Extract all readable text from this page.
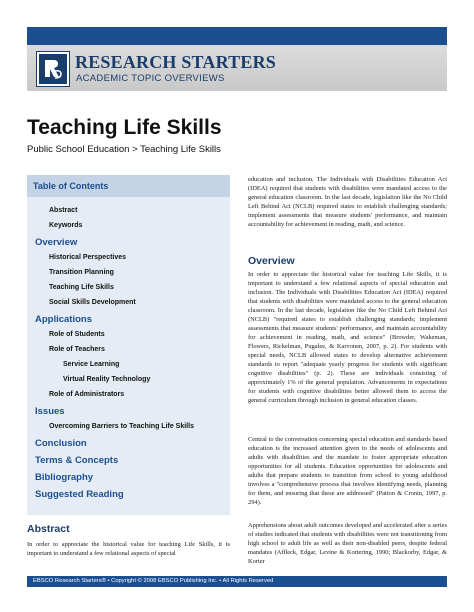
RESEARCH STARTERS
ACADEMIC TOPIC OVERVIEWS
Teaching Life Skills
Public School Education > Teaching Life Skills
Table of Contents
Abstract
Keywords
Overview
Historical Perspectives
Transition Planning
Teaching Life Skills
Social Skills Development
Applications
Role of Students
Role of Teachers
Service Learning
Virtual Reality Technology
Role of Administrators
Issues
Overcoming Barriers to Teaching Life Skills
Conclusion
Terms & Concepts
Bibliography
Suggested Reading
Abstract

In order to appreciate the historical value for teaching Life Skills, it is important to understand a few relational aspects of special

education and inclusion. The Individuals with Disabilities Education Act (IDEA) required that students with disabilities were mandated access to the general education classroom. In the last decade, legislation like the No Child Left Behind Act (NCLB) required states to establish challenging standards; implement assessments that measure students' performance, and maintain accountability for achievement in reading, math, and science.

Overview

In order to appreciate the historical value for teaching Life Skills, it is important to understand a few relational aspects of special education and inclusion. The Individuals with Disabilities Education Act (IDEA) required that students with disabilities were mandated access to the general education classroom. In the last decade, legislation like the No Child Left Behind Act (NCLB) "required states to establish challenging standards; implement assessments that measure students' performance, and maintain accountability for achievement in reading, math, and science" (Browder, Wakeman, Flowers, Rickelman, Pugalee, & Karvonen, 2007, p. 2). For students with special needs, NCLB allowed states to develop alternative achievement standards to report "adequate yearly progress for students with significant cognitive disabilities" (p. 2). These are individuals consisting of approximately 1% of the general population. Advancements in expectations for students with cognitive disabilities better allowed them to access the general curriculum through inclusion in general education classes.

Central to the conversation concerning special education and standards based education is the increased attention given to the needs of adolescents and adults with disabilities and the mandate to foster appropriate education opportunities for all students. Education opportunities for adolescents and adults that prepare students to transition from school to young adulthood involves a "comprehensive process that involves identifying needs, planning for them, and ensuring that these are addressed" (Patton & Cronin, 1997, p. 294).

Apprehensions about adult outcomes developed and accelerated after a series of studies indicated that students with disabilities were not transitioning from high school to adult life as well as their non-disabled peers, despite federal mandates (Affleck, Edgar, Levine & Kortering, 1990; Blackorby, Edgar, & Korter

EBSCO Research Starters® • Copyright © 2008 EBSCO Publishing Inc. • All Rights Reserved
